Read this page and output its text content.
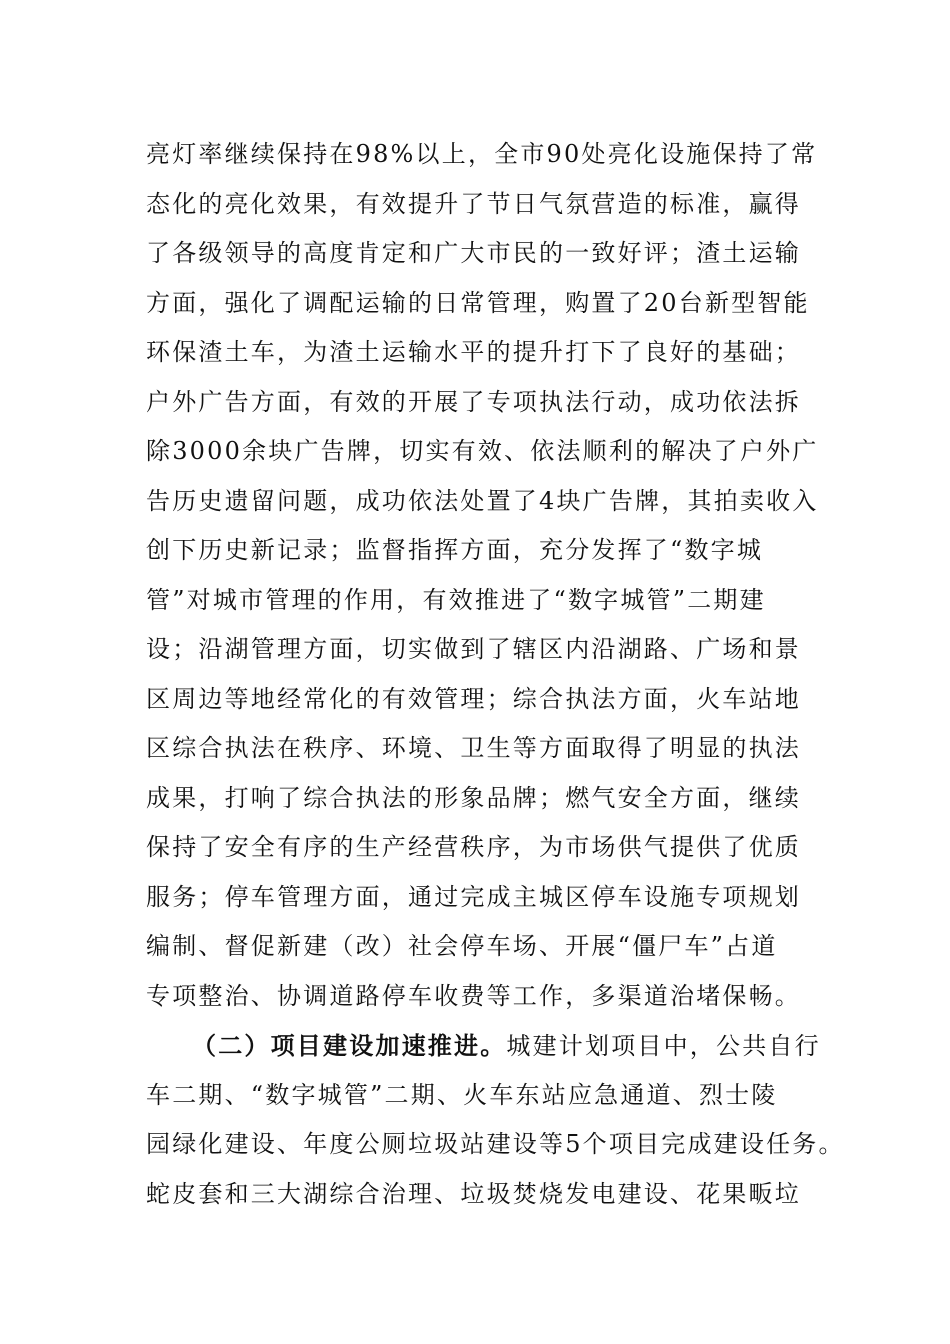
亮灯率继续保持在98%以上，全市90处亮化设施保持了常
态化的亮化效果，有效提升了节日气氛营造的标准，赢得
了各级领导的高度肯定和广大市民的一致好评；渣土运输
方面，强化了调配运输的日常管理，购置了20台新型智能
环保渣土车，为渣土运输水平的提升打下了良好的基础；
户外广告方面，有效的开展了专项执法行动，成功依法拆
除3000余块广告牌，切实有效、依法顺利的解决了户外广
告历史遗留问题，成功依法处置了4块广告牌，其拍卖收入
创下历史新记录；监督指挥方面，充分发挥了“数字城
管”对城市管理的作用，有效推进了“数字城管”二期建
设；沿湖管理方面，切实做到了辖区内沿湖路、广场和景
区周边等地经常化的有效管理；综合执法方面，火车站地
区综合执法在秩序、环境、卫生等方面取得了明显的执法
成果，打响了综合执法的形象品牌；燃气安全方面，继续
保持了安全有序的生产经营秩序，为市场供气提供了优质
服务；停车管理方面，通过完成主城区停车设施专项规划
编制、督促新建（改）社会停车场、开展“僵尸车”占道
专项整治、协调道路停车收费等工作，多渠道治堵保畅。
（二）项目建设加速推进。城建计划项目中，公共自行
车二期、“数字城管”二期、火车东站应急通道、烈士陵
园绿化建设、年度公厕垃圾站建设等5个项目完成建设任务。
蛇皮套和三大湖综合治理、垃圾焚烧发电建设、花果畈垃
